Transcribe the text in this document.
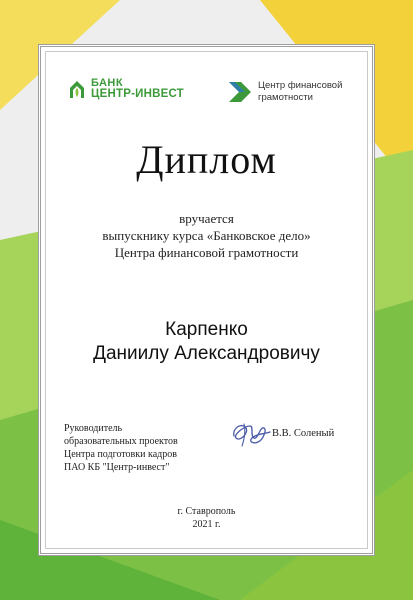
БАНК
ЦЕНТР-ИНВЕСТ
Центр финансовой
грамотности
Диплом
вручается
выпускнику курса «Банковское дело»
Центра финансовой грамотности
Карпенко
Даниилу Александровичу
Руководитель
образовательных проектов
Центра подготовки кадров
ПАО КБ "Центр-инвест"
В.В. Соленый
г. Ставрополь
2021 г.
